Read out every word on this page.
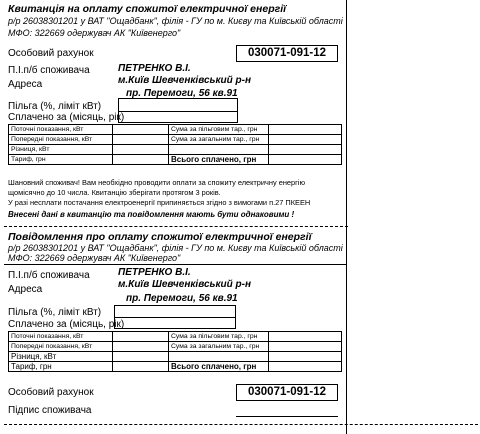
Квитанція на оплату спожитої електричної енергії
р/р 26038301201 у ВАТ "Ощадбанк", філія - ГУ по м. Києву та Київській області
МФО: 322669 одержувач АК "Київенерго"
Особовий рахунок	030071-091-12
П.І.п/б споживача	ПЕТРЕНКО В.І.
Адреса	м.Київ Шевченківський р-н
пр. Перемоги, 56 кв.91
Пільга (%, ліміт кВт)
Сплачено за (місяць, рік)
Поточні показання, кВт		Сума за пільговим тар., грн	
Попередні показання, кВт		Сума за загальним тар., грн	
Різниця, кВт			
Тариф, грн		Всього сплачено, грн	
Шановний споживач! Вам необхідно проводити оплати за спожиту електричну енергію
щомісячно до 10 числа. Квитанцію зберігати протягом 3 років.
У разі несплати постачання електроенергії припиняється згідно з вимогами п.27 ПКЕЕН
Внесені дані в квитанцію та повідомлення мають бути однаковими !
Повідомлення про оплату спожитої електричної енергії
р/р 26038301201 у ВАТ "Ощадбанк", філія - ГУ по м. Києву та Київській області
МФО: 322669 одержувач АК "Київенерго"
П.І.п/б споживача	ПЕТРЕНКО В.І.
Адреса	м.Київ Шевченківський р-н
пр. Перемоги, 56 кв.91
Пільга (%, ліміт кВт)
Сплачено за (місяць, рік)
Поточні показання, кВт		Сума за пільговим тар., грн	
Попередні показання, кВт		Сума за загальним тар., грн	
Різниця, кВт			
Тариф, грн		Всього сплачено, грн	
Особовий рахунок	030071-091-12
Підпис споживача
